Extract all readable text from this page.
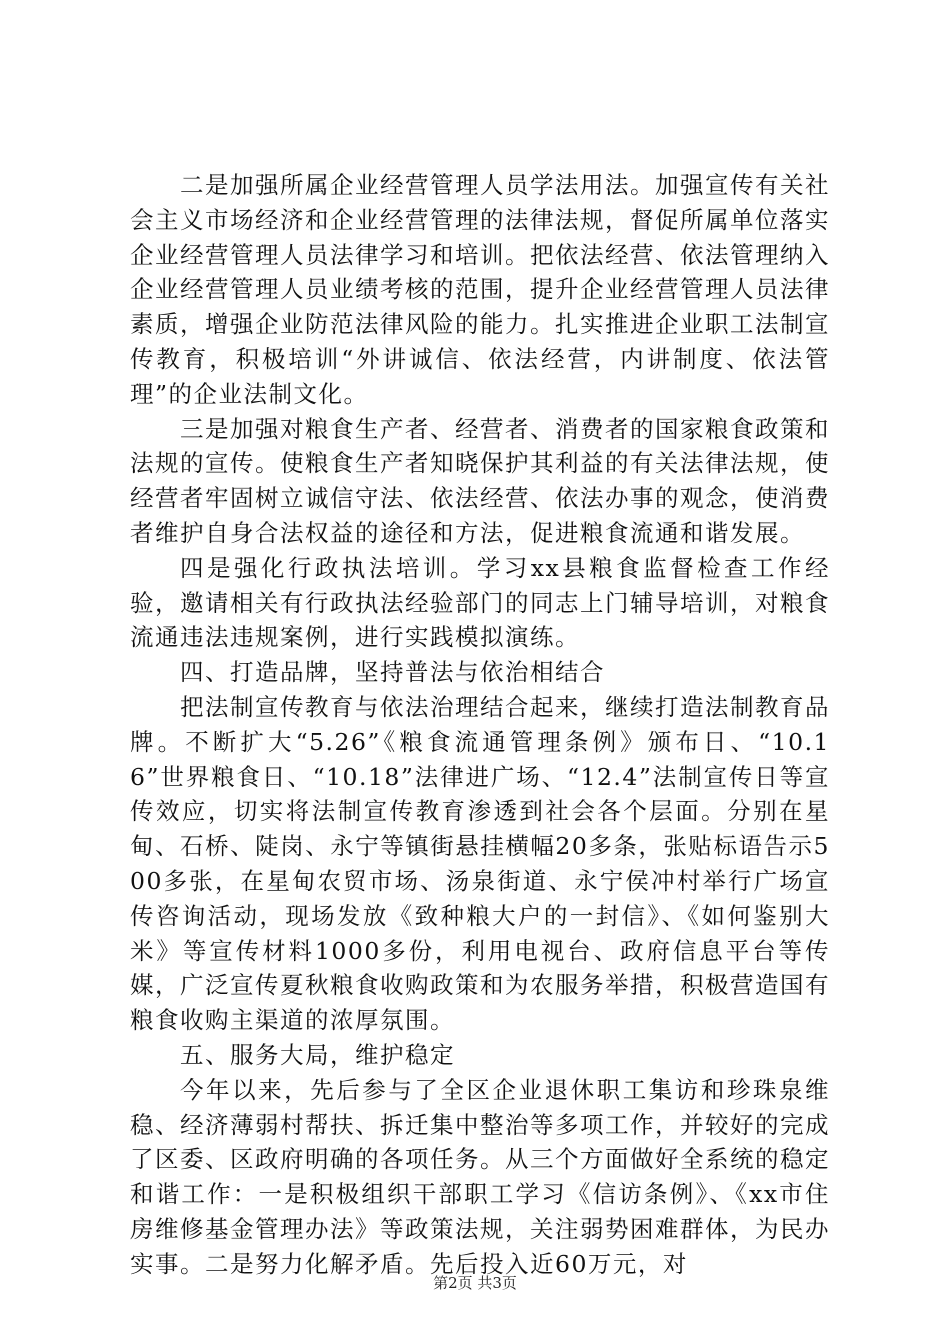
二是加强所属企业经营管理人员学法用法。加强宣传有关社会主义市场经济和企业经营管理的法律法规，督促所属单位落实企业经营管理人员法律学习和培训。把依法经营、依法管理纳入企业经营管理人员业绩考核的范围，提升企业经营管理人员法律素质，增强企业防范法律风险的能力。扎实推进企业职工法制宣传教育，积极培训“外讲诚信、依法经营，内讲制度、依法管理”的企业法制文化。

三是加强对粮食生产者、经营者、消费者的国家粮食政策和法规的宣传。使粮食生产者知晓保护其利益的有关法律法规，使经营者牢固树立诚信守法、依法经营、依法办事的观念，使消费者维护自身合法权益的途径和方法，促进粮食流通和谐发展。

四是强化行政执法培训。学习xx县粮食监督检查工作经验，邀请相关有行政执法经验部门的同志上门辅导培训，对粮食流通违法违规案例，进行实践模拟演练。

四、打造品牌，坚持普法与依治相结合

把法制宣传教育与依法治理结合起来，继续打造法制教育品牌。不断扩大“5.26”《粮食流通管理条例》颁布日、“10.16”世界粮食日、“10.18”法律进广场、“12.4”法制宣传日等宣传效应，切实将法制宣传教育渗透到社会各个层面。分别在星甸、石桥、陡岗、永宁等镇街悬挂横幅20多条，张贴标语告示500多张，在星甸农贸市场、汤泉街道、永宁侯冲村举行广场宣传咨询活动，现场发放《致种粮大户的一封信》、《如何鉴别大米》等宣传材料1000多份，利用电视台、政府信息平台等传媒，广泛宣传夏秋粮食收购政策和为农服务举措，积极营造国有粮食收购主渠道的浓厚氛围。

五、服务大局，维护稳定

今年以来，先后参与了全区企业退休职工集访和珍珠泉维稳、经济薄弱村帮扶、拆迁集中整治等多项工作，并较好的完成了区委、区政府明确的各项任务。从三个方面做好全系统的稳定和谐工作：一是积极组织干部职工学习《信访条例》、《xx市住房维修基金管理办法》等政策法规，关注弱势困难群体，为民办实事。二是努力化解矛盾。先后投入近60万元，对

第2页 共3页
